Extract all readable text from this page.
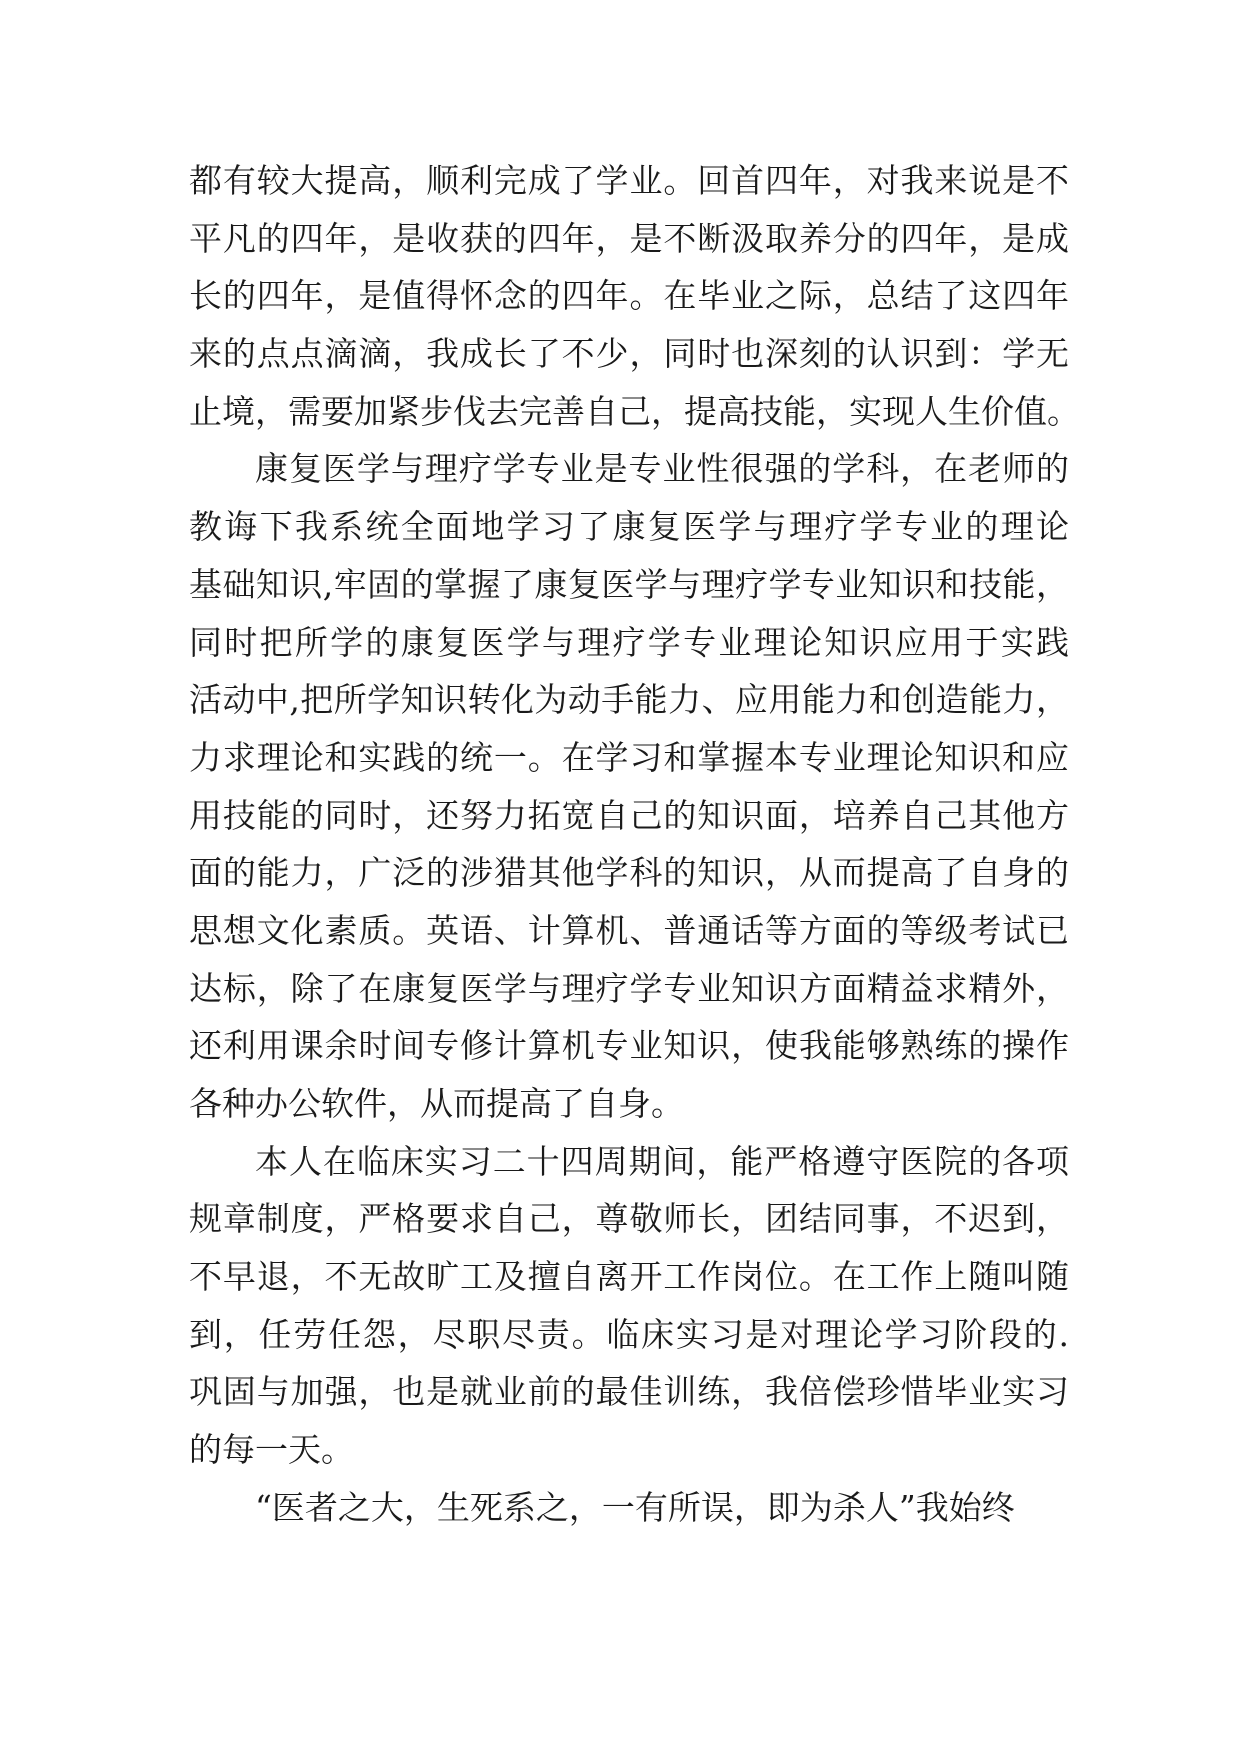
都有较大提高，顺利完成了学业。回首四年，对我来说是不
平凡的四年，是收获的四年，是不断汲取养分的四年，是成
长的四年，是值得怀念的四年。在毕业之际，总结了这四年
来的点点滴滴，我成长了不少，同时也深刻的认识到：学无
止境，需要加紧步伐去完善自己，提高技能，实现人生价值。
康复医学与理疗学专业是专业性很强的学科，在老师的
教诲下我系统全面地学习了康复医学与理疗学专业的理论
基础知识,牢固的掌握了康复医学与理疗学专业知识和技能，
同时把所学的康复医学与理疗学专业理论知识应用于实践
活动中,把所学知识转化为动手能力、应用能力和创造能力，
力求理论和实践的统一。在学习和掌握本专业理论知识和应
用技能的同时，还努力拓宽自己的知识面，培养自己其他方
面的能力，广泛的涉猎其他学科的知识，从而提高了自身的
思想文化素质。英语、计算机、普通话等方面的等级考试已
达标，除了在康复医学与理疗学专业知识方面精益求精外，
还利用课余时间专修计算机专业知识，使我能够熟练的操作
各种办公软件，从而提高了自身。
本人在临床实习二十四周期间，能严格遵守医院的各项
规章制度，严格要求自己，尊敬师长，团结同事，不迟到，
不早退，不无故旷工及擅自离开工作岗位。在工作上随叫随
到，任劳任怨，尽职尽责。临床实习是对理论学习阶段的.
巩固与加强，也是就业前的最佳训练，我倍偿珍惜毕业实习
的每一天。
“医者之大，生死系之，一有所误，即为杀人”我始终
